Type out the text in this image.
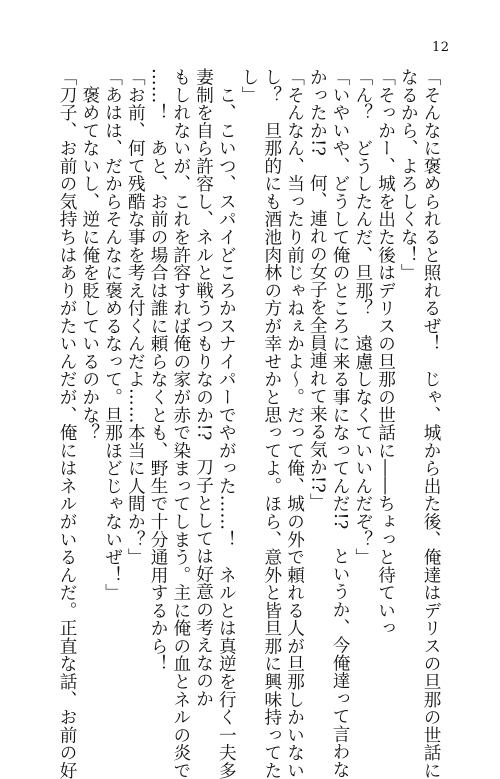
12
「そんなに褒められると照れるぜ！　じゃ、城から出た後、俺達はデリスの旦那の世話に
なるから、よろしくな！」
「そっかー、城を出た後はデリスの旦那の世話に――ちょっと待ていっ
「ん？　どうしたんだ、旦那？　遠慮しなくていいんだぞ？」
「いやいや、どうして俺のところに来る事になってんだ!?　というか、今俺達って言わな
かったか!?　何、連れの女子を全員連れて来る気か!?」
「そんなん、当ったり前じゃねぇかよ～。だって俺、城の外で頼れる人が旦那しかいない
し？　旦那的にも酒池肉林の方が幸せかと思ってよ。ほら、意外と皆旦那に興味持ってた
し」
　こ、こいつ、スパイどころかスナイパーでやがった……！　ネルとは真逆を行く一夫多
妻制を自ら許容し、ネルと戦うつもりなのか!?　刀子としては好意の考えなのか
もしれないが、これを許容すれば俺の家が赤で染まってしまう。主に俺の血とネルの炎で
……！　あと、お前の場合は誰に頼らなくとも、野生で十分通用するから！
「お前、何て残酷な事を考え付くんだよ……本当に人間か？」
「あはは、だからそんなに褒めるなって。旦那ほどじゃないぜ！」
　褒めてないし、逆に俺を貶しているのかな？
「刀子、お前の気持ちはありがたいんだが、俺にはネルがいるんだ。正直な話、お前の好
